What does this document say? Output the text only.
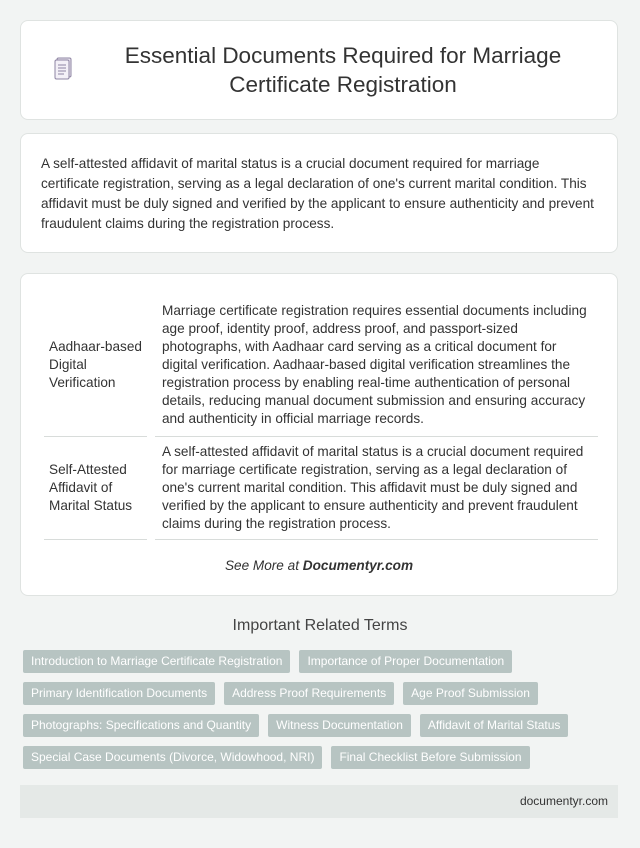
Essential Documents Required for Marriage Certificate Registration

A self-attested affidavit of marital status is a crucial document required for marriage certificate registration, serving as a legal declaration of one's current marital condition. This affidavit must be duly signed and verified by the applicant to ensure authenticity and prevent fraudulent claims during the registration process.

Aadhaar-based Digital Verification	Marriage certificate registration requires essential documents including age proof, identity proof, address proof, and passport-sized photographs, with Aadhaar card serving as a critical document for digital verification. Aadhaar-based digital verification streamlines the registration process by enabling real-time authentication of personal details, reducing manual document submission and ensuring accuracy and authenticity in official marriage records.
Self-Attested Affidavit of Marital Status	A self-attested affidavit of marital status is a crucial document required for marriage certificate registration, serving as a legal declaration of one's current marital condition. This affidavit must be duly signed and verified by the applicant to ensure authenticity and prevent fraudulent claims during the registration process.
See More at Documentyr.com
Important Related Terms
Introduction to Marriage Certificate Registration	Importance of Proper Documentation
Primary Identification Documents	Address Proof Requirements	Age Proof Submission
Photographs: Specifications and Quantity	Witness Documentation	Affidavit of Marital Status
Special Case Documents (Divorce, Widowhood, NRI)	Final Checklist Before Submission
documentyr.com
